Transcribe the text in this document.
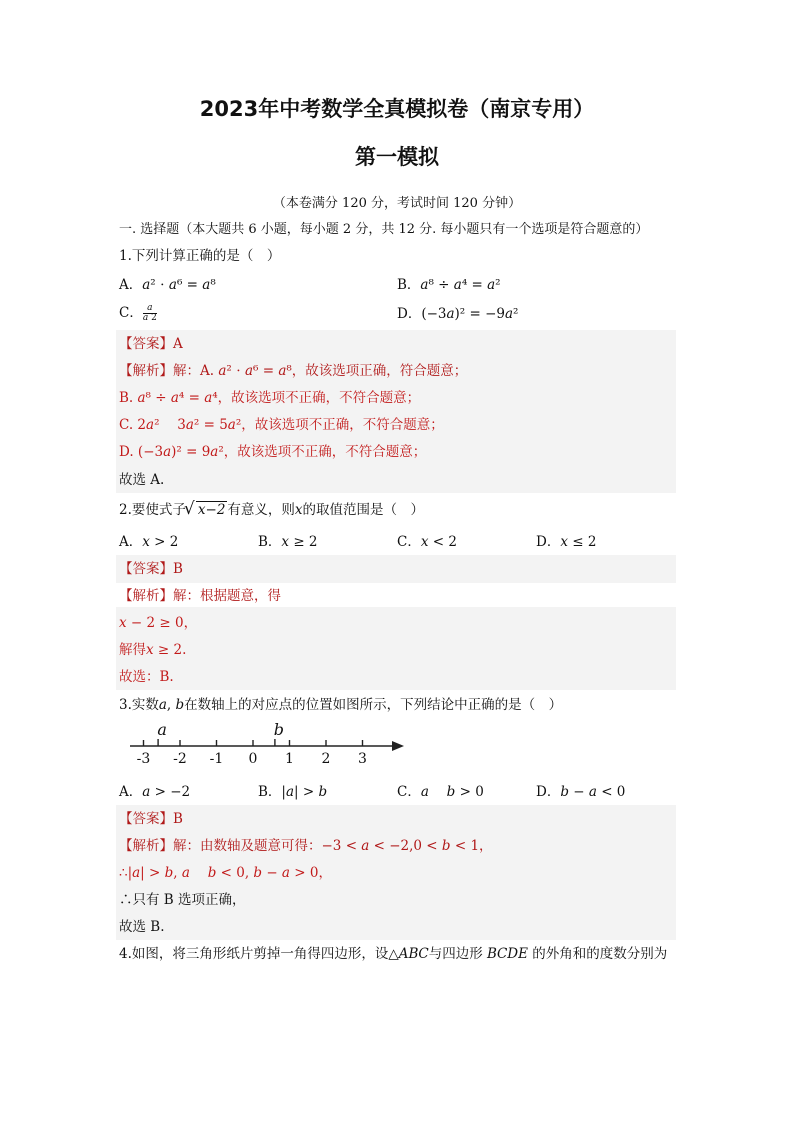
2023年中考数学全真模拟卷（南京专用）
第一模拟
（本卷满分 120 分，考试时间 120 分钟）
一. 选择题（本大题共 6 小题，每小题 2 分，共 12 分. 每小题只有一个选项是符合题意的）
1.下列计算正确的是（　）
A．𝑎² ⋅ 𝑎⁶ = 𝑎⁸	B．𝑎⁸ ÷ 𝑎⁴ = 𝑎²
C． $\frac{\text{𝑎}}{\text{𝑎 2}}$	D．(−3𝑎)² = −9𝑎²
【答案】A
【解析】解：A. 𝑎² ⋅ 𝑎⁶ = 𝑎⁸，故该选项正确，符合题意；
B. 𝑎⁸ ÷ 𝑎⁴ = 𝑎⁴，故该选项不正确，不符合题意；
C. 2𝑎²　 3𝑎² = 5𝑎²，故该选项不正确，不符合题意；
D. (−3𝑎)² = 9𝑎²，故该选项不正确，不符合题意；
故选 A.
2.要使式子√ 𝑥−2 有意义，则𝑥的取值范围是（　）
A．𝑥 > 2	B．𝑥 ≥ 2	C．𝑥 < 2	D．𝑥 ≤ 2
【答案】B
【解析】解：根据题意，得
𝑥 − 2 ≥ 0，
解得𝑥 ≥ 2.
故选：B.
3.实数𝑎, 𝑏在数轴上的对应点的位置如图所示，下列结论中正确的是（　）
-3 -2 -1 0 1 2 3
a	b
A．𝑎 > −2	B．|𝑎| > 𝑏	C．𝑎　 𝑏 > 0	D．𝑏 − 𝑎 < 0
【答案】B
【解析】解：由数轴及题意可得：−3 < 𝑎 < −2,0 < 𝑏 < 1，
∴|𝑎| > 𝑏, 𝑎　 𝑏 < 0, 𝑏 − 𝑎 > 0，
∴只有 B 选项正确，
故选 B.
4.如图，将三角形纸片剪掉一角得四边形，设△𝐴𝐵𝐶与四边形 𝐵𝐶𝐷𝐸 的外角和的度数分别为
